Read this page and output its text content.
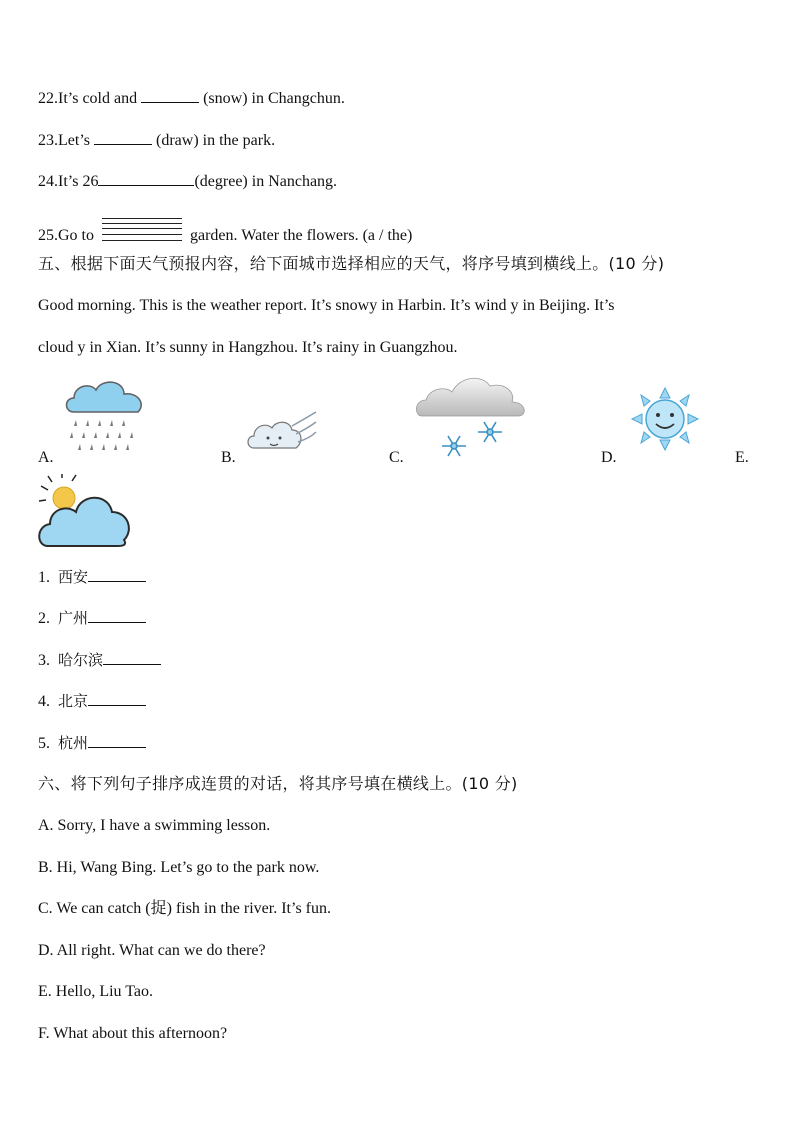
22.It’s cold and	(snow) in Changchun.
23.Let’s	(draw) in the park.
24.It’s 26	(degree) in Nanchang.
25.Go to	garden. Water the flowers. (a / the)
五、根据下面天气预报内容，给下面城市选择相应的天气，将序号填到横线上。(10 分)
Good morning. This is the weather report. It’s snowy in Harbin. It’s wind y in Beijing. It’s
cloud y in Xian. It’s sunny in Hangzhou. It’s rainy in Guangzhou.
A.	B.	C.	D.	E.
1. 西安
2. 广州
3. 哈尔滨
4. 北京
5. 杭州
六、将下列句子排序成连贯的对话，将其序号填在横线上。(10 分)
A. Sorry, I have a swimming lesson.
B. Hi, Wang Bing. Let’s go to the park now.
C. We can catch (捉) fish in the river. It’s fun.
D. All right. What can we do there?
E. Hello, Liu Tao.
F. What about this afternoon?
